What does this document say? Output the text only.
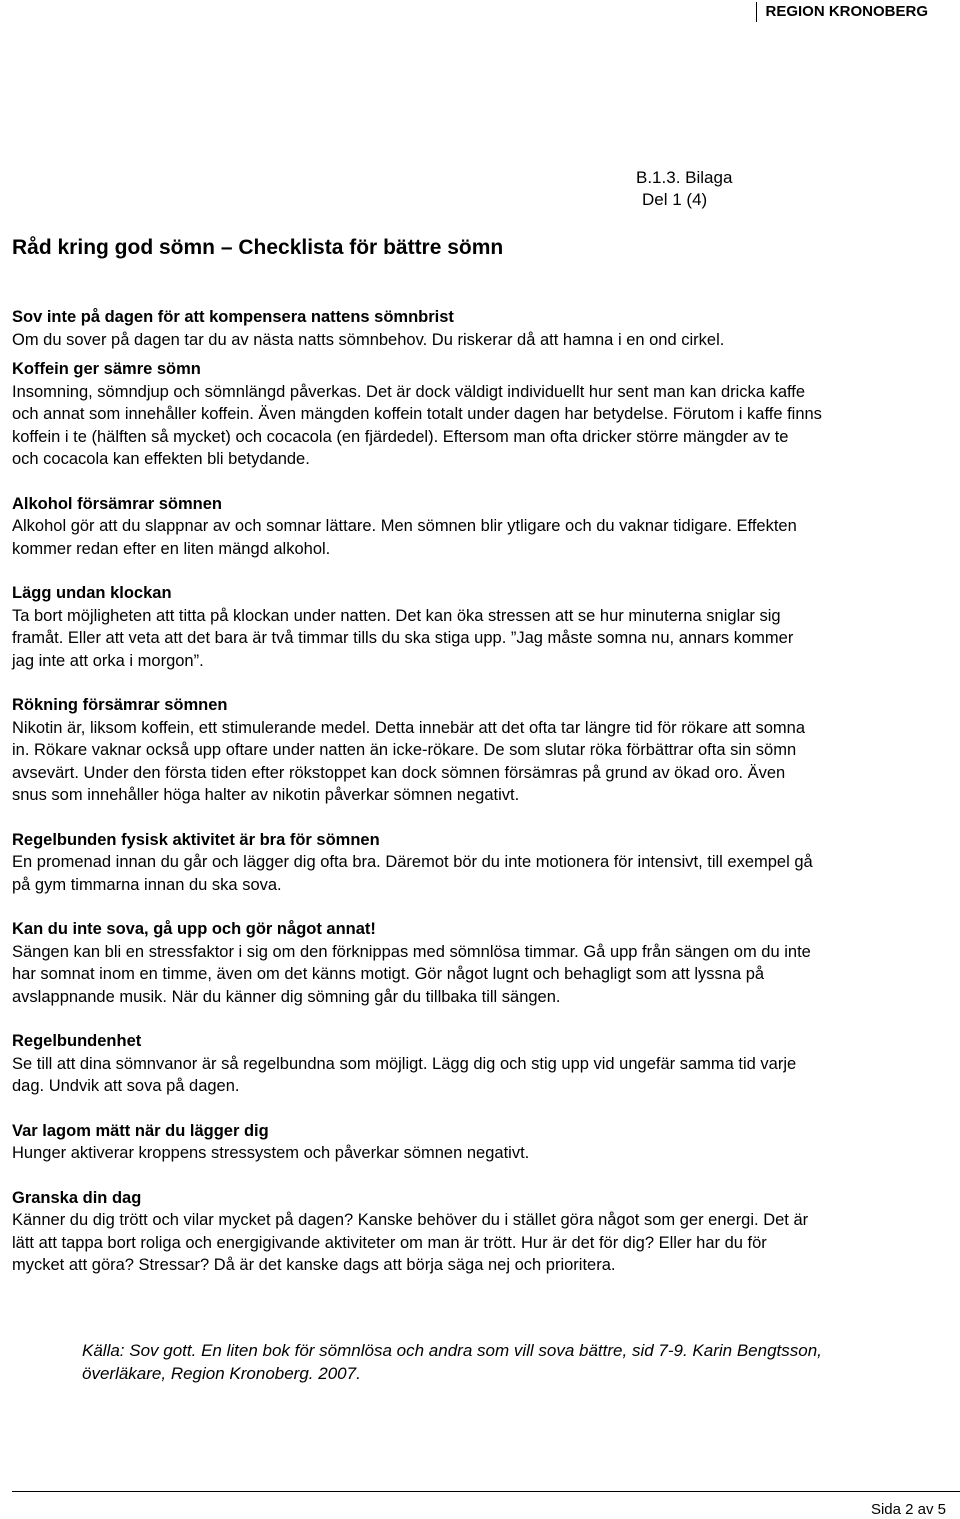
REGION KRONOBERG
B.1.3. Bilaga
Del 1 (4)
Råd kring god sömn – Checklista för bättre sömn
Sov inte på dagen för att kompensera nattens sömnbrist

Om du sover på dagen tar du av nästa natts sömnbehov. Du riskerar då att hamna i en ond cirkel.

Koffein ger sämre sömn

Insomning, sömndjup och sömnlängd påverkas. Det är dock väldigt individuellt hur sent man kan dricka kaffe
och annat som innehåller koffein. Även mängden koffein totalt under dagen har betydelse. Förutom i kaffe finns
koffein i te (hälften så mycket) och cocacola (en fjärdedel). Eftersom man ofta dricker större mängder av te
och cocacola kan effekten bli betydande.

Alkohol försämrar sömnen

Alkohol gör att du slappnar av och somnar lättare. Men sömnen blir ytligare och du vaknar tidigare. Effekten
kommer redan efter en liten mängd alkohol.

Lägg undan klockan

Ta bort möjligheten att titta på klockan under natten. Det kan öka stressen att se hur minuterna sniglar sig
framåt. Eller att veta att det bara är två timmar tills du ska stiga upp. ”Jag måste somna nu, annars kommer
jag inte att orka i morgon”.

Rökning försämrar sömnen

Nikotin är, liksom koffein, ett stimulerande medel. Detta innebär att det ofta tar längre tid för rökare att somna
in. Rökare vaknar också upp oftare under natten än icke-rökare. De som slutar röka förbättrar ofta sin sömn
avsevärt. Under den första tiden efter rökstoppet kan dock sömnen försämras på grund av ökad oro. Även
snus som innehåller höga halter av nikotin påverkar sömnen negativt.

Regelbunden fysisk aktivitet är bra för sömnen

En promenad innan du går och lägger dig ofta bra. Däremot bör du inte motionera för intensivt, till exempel gå
på gym timmarna innan du ska sova.

Kan du inte sova, gå upp och gör något annat!

Sängen kan bli en stressfaktor i sig om den förknippas med sömnlösa timmar. Gå upp från sängen om du inte
har somnat inom en timme, även om det känns motigt. Gör något lugnt och behagligt som att lyssna på
avslappnande musik. När du känner dig sömning går du tillbaka till sängen.

Regelbundenhet

Se till att dina sömnvanor är så regelbundna som möjligt. Lägg dig och stig upp vid ungefär samma tid varje
dag. Undvik att sova på dagen.

Var lagom mätt när du lägger dig

Hunger aktiverar kroppens stressystem och påverkar sömnen negativt.

Granska din dag

Känner du dig trött och vilar mycket på dagen? Kanske behöver du i stället göra något som ger energi. Det är
lätt att tappa bort roliga och energigivande aktiviteter om man är trött. Hur är det för dig? Eller har du för
mycket att göra? Stressar? Då är det kanske dags att börja säga nej och prioritera.

Källa: Sov gott. En liten bok för sömnlösa och andra som vill sova bättre, sid 7-9. Karin Bengtsson,
överläkare, Region Kronoberg. 2007.
Sida 2 av 5
